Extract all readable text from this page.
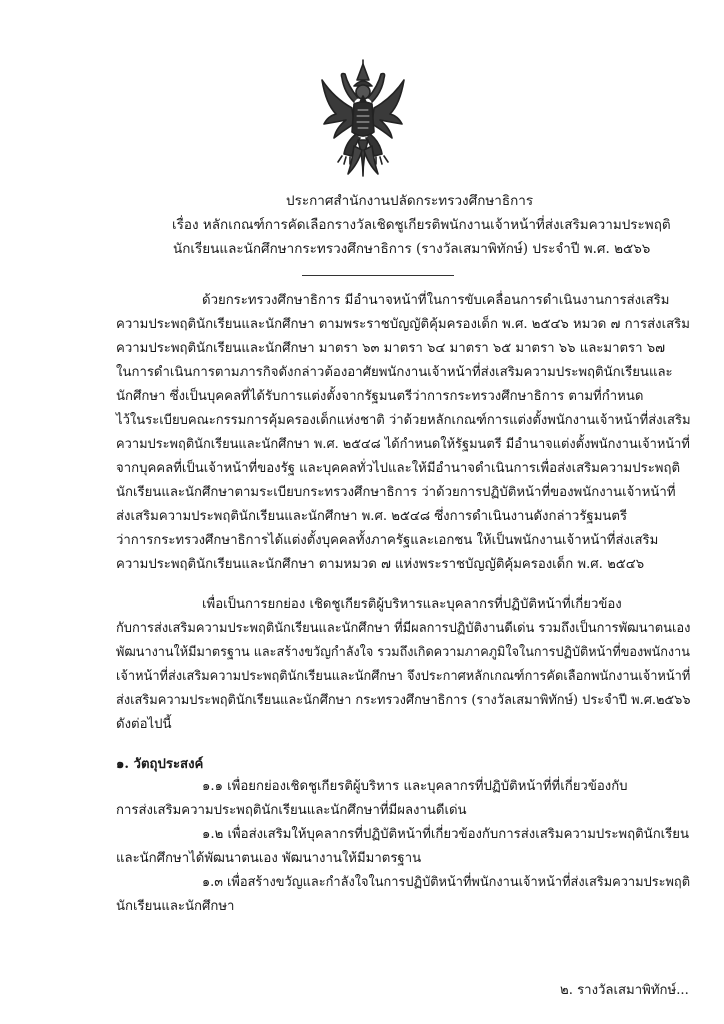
ประกาศสำนักงานปลัดกระทรวงศึกษาธิการ
เรื่อง หลักเกณฑ์การคัดเลือกรางวัลเชิดชูเกียรติพนักงานเจ้าหน้าที่ส่งเสริมความประพฤติ
นักเรียนและนักศึกษากระทรวงศึกษาธิการ (รางวัลเสมาพิทักษ์) ประจำปี พ.ศ. ๒๕๖๖
ด้วยกระทรวงศึกษาธิการ มีอำนาจหน้าที่ในการขับเคลื่อนการดำเนินงานการส่งเสริม
ความประพฤตินักเรียนและนักศึกษา ตามพระราชบัญญัติคุ้มครองเด็ก พ.ศ. ๒๕๔๖ หมวด ๗ การส่งเสริม
ความประพฤตินักเรียนและนักศึกษา มาตรา ๖๓ มาตรา ๖๔ มาตรา ๖๕ มาตรา ๖๖ และมาตรา ๖๗
ในการดำเนินการตามภารกิจดังกล่าวต้องอาศัยพนักงานเจ้าหน้าที่ส่งเสริมความประพฤตินักเรียนและ
นักศึกษา ซึ่งเป็นบุคคลที่ได้รับการแต่งตั้งจากรัฐมนตรีว่าการกระทรวงศึกษาธิการ ตามที่กำหนด
ไว้ในระเบียบคณะกรรมการคุ้มครองเด็กแห่งชาติ ว่าด้วยหลักเกณฑ์การแต่งตั้งพนักงานเจ้าหน้าที่ส่งเสริม
ความประพฤตินักเรียนและนักศึกษา พ.ศ. ๒๕๔๘ ได้กำหนดให้รัฐมนตรี มีอำนาจแต่งตั้งพนักงานเจ้าหน้าที่
จากบุคคลที่เป็นเจ้าหน้าที่ของรัฐ และบุคคลทั่วไปและให้มีอำนาจดำเนินการเพื่อส่งเสริมความประพฤติ
นักเรียนและนักศึกษาตามระเบียบกระทรวงศึกษาธิการ ว่าด้วยการปฏิบัติหน้าที่ของพนักงานเจ้าหน้าที่
ส่งเสริมความประพฤตินักเรียนและนักศึกษา พ.ศ. ๒๕๔๘ ซึ่งการดำเนินงานดังกล่าวรัฐมนตรี
ว่าการกระทรวงศึกษาธิการได้แต่งตั้งบุคคลทั้งภาครัฐและเอกชน ให้เป็นพนักงานเจ้าหน้าที่ส่งเสริม
ความประพฤตินักเรียนและนักศึกษา ตามหมวด ๗ แห่งพระราชบัญญัติคุ้มครองเด็ก พ.ศ. ๒๕๔๖
เพื่อเป็นการยกย่อง เชิดชูเกียรติผู้บริหารและบุคลากรที่ปฏิบัติหน้าที่เกี่ยวข้อง
กับการส่งเสริมความประพฤตินักเรียนและนักศึกษา ที่มีผลการปฏิบัติงานดีเด่น รวมถึงเป็นการพัฒนาตนเอง
พัฒนางานให้มีมาตรฐาน และสร้างขวัญกำลังใจ รวมถึงเกิดความภาคภูมิใจในการปฏิบัติหน้าที่ของพนักงาน
เจ้าหน้าที่ส่งเสริมความประพฤตินักเรียนและนักศึกษา จึงประกาศหลักเกณฑ์การคัดเลือกพนักงานเจ้าหน้าที่
ส่งเสริมความประพฤตินักเรียนและนักศึกษา กระทรวงศึกษาธิการ (รางวัลเสมาพิทักษ์) ประจำปี พ.ศ.๒๕๖๖
ดังต่อไปนี้
๑. วัตถุประสงค์
๑.๑ เพื่อยกย่องเชิดชูเกียรติผู้บริหาร และบุคลากรที่ปฏิบัติหน้าที่ที่เกี่ยวข้องกับ
การส่งเสริมความประพฤตินักเรียนและนักศึกษาที่มีผลงานดีเด่น
๑.๒ เพื่อส่งเสริมให้บุคลากรที่ปฏิบัติหน้าที่เกี่ยวข้องกับการส่งเสริมความประพฤตินักเรียน
และนักศึกษาได้พัฒนาตนเอง พัฒนางานให้มีมาตรฐาน
๑.๓ เพื่อสร้างขวัญและกำลังใจในการปฏิบัติหน้าที่พนักงานเจ้าหน้าที่ส่งเสริมความประพฤติ
นักเรียนและนักศึกษา
๒. รางวัลเสมาพิทักษ์...
